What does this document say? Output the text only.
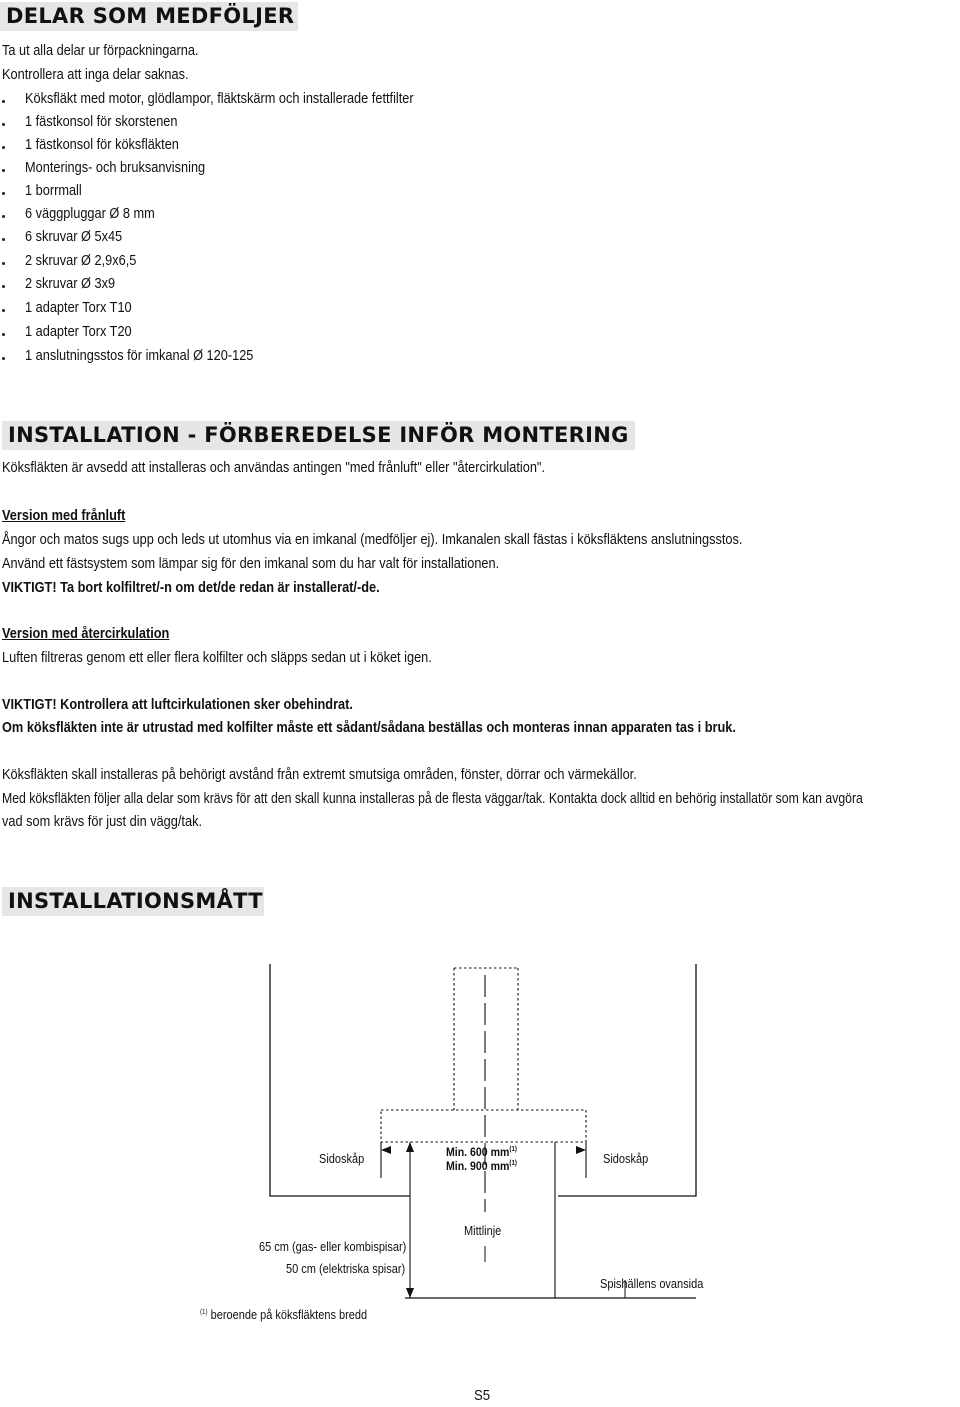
DELAR SOM MEDFÖLJER
Ta ut alla delar ur förpackningarna.
Kontrollera att inga delar saknas.
Köksfläkt med motor, glödlampor, fläktskärm och installerade fettfilter
1 fästkonsol för skorstenen
1 fästkonsol för köksfläkten
Monterings- och bruksanvisning
1 borrmall
6 väggpluggar Ø 8 mm
6 skruvar Ø 5x45
2 skruvar Ø 2,9x6,5
2 skruvar Ø 3x9
1 adapter Torx T10
1 adapter Torx T20
1 anslutningsstos för imkanal Ø 120-125
INSTALLATION - FÖRBEREDELSE INFÖR MONTERING
Köksfläkten är avsedd att installeras och användas antingen "med frånluft" eller "återcirkulation".
Version med frånluft
Ångor och matos sugs upp och leds ut utomhus via en imkanal (medföljer ej). Imkanalen skall fästas i köksfläktens anslutningsstos.
Använd ett fästsystem som lämpar sig för den imkanal som du har valt för installationen.
VIKTIGT! Ta bort kolfiltret/-n om det/de redan är installerat/-de.
Version med återcirkulation
Luften filtreras genom ett eller flera kolfilter och släpps sedan ut i köket igen.
VIKTIGT! Kontrollera att luftcirkulationen sker obehindrat.
Om köksfläkten inte är utrustad med kolfilter måste ett sådant/sådana beställas och monteras innan apparaten tas i bruk.
Köksfläkten skall installeras på behörigt avstånd från extremt smutsiga områden, fönster, dörrar och värmekällor.
Med köksfläkten följer alla delar som krävs för att den skall kunna installeras på de flesta väggar/tak. Kontakta dock alltid en behörig installatör som kan avgöra
vad som krävs för just din vägg/tak.
INSTALLATIONSMÅTT
Sidoskåp	Sidoskåp
Min. 600 $mm^{(1)}$
Min. 900 $mm^{(1)}$
Mittlinje
65 cm (gas- eller kombispisar)
50 cm (elektriska spisar)
Spishällens ovansida
$^{(1)}$ beroende på köksfläktens bredd
S5
